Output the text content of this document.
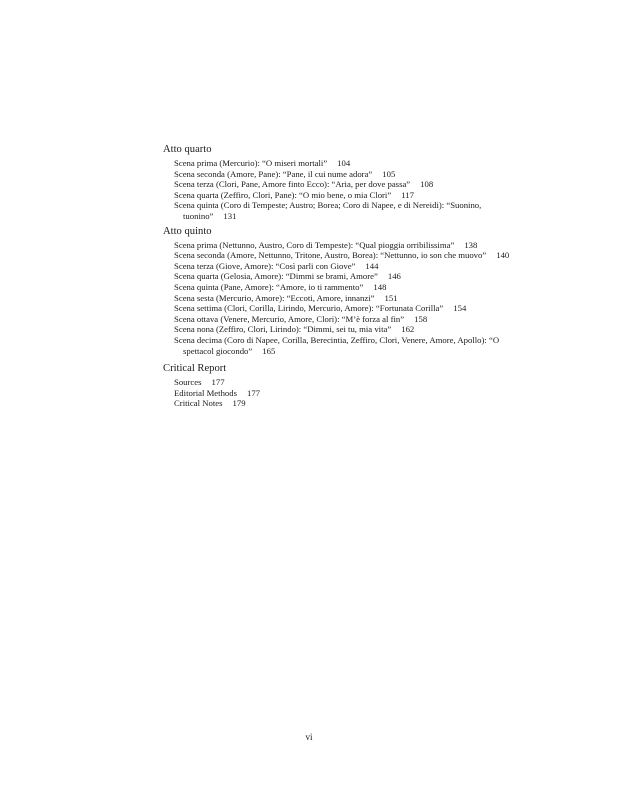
Atto quarto
Scena prima (Mercurio): “O miseri mortali” 104
Scena seconda (Amore, Pane): “Pane, il cui nume adora” 105
Scena terza (Clori, Pane, Amore finto Ecco): “Aria, per dove passa” 108
Scena quarta (Zeffiro, Clori, Pane): “O mio bene, o mia Clori” 117
Scena quinta (Coro di Tempeste; Austro; Borea; Coro di Napee, e di Nereidi): “Suonino, tuonino” 131
Atto quinto
Scena prima (Nettunno, Austro, Coro di Tempeste): “Qual pioggia orribilissima” 138
Scena seconda (Amore, Nettunno, Tritone, Austro, Borea): “Nettunno, io son che muovo” 140
Scena terza (Giove, Amore): “Così parli con Giove” 144
Scena quarta (Gelosia, Amore): “Dimmi se brami, Amore” 146
Scena quinta (Pane, Amore): “Amore, io ti rammento” 148
Scena sesta (Mercurio, Amore): “Eccoti, Amore, innanzi” 151
Scena settima (Clori, Corilla, Lirindo, Mercurio, Amore): “Fortunata Corilla” 154
Scena ottava (Venere, Mercurio, Amore, Clori): “M’è forza al fin” 158
Scena nona (Zeffiro, Clori, Lirindo): “Dimmi, sei tu, mia vita” 162
Scena decima (Coro di Napee, Corilla, Berecintia, Zeffiro, Clori, Venere, Amore, Apollo): “O spettacol giocondo” 165
Critical Report
Sources 177
Editorial Methods 177
Critical Notes 179
vi
